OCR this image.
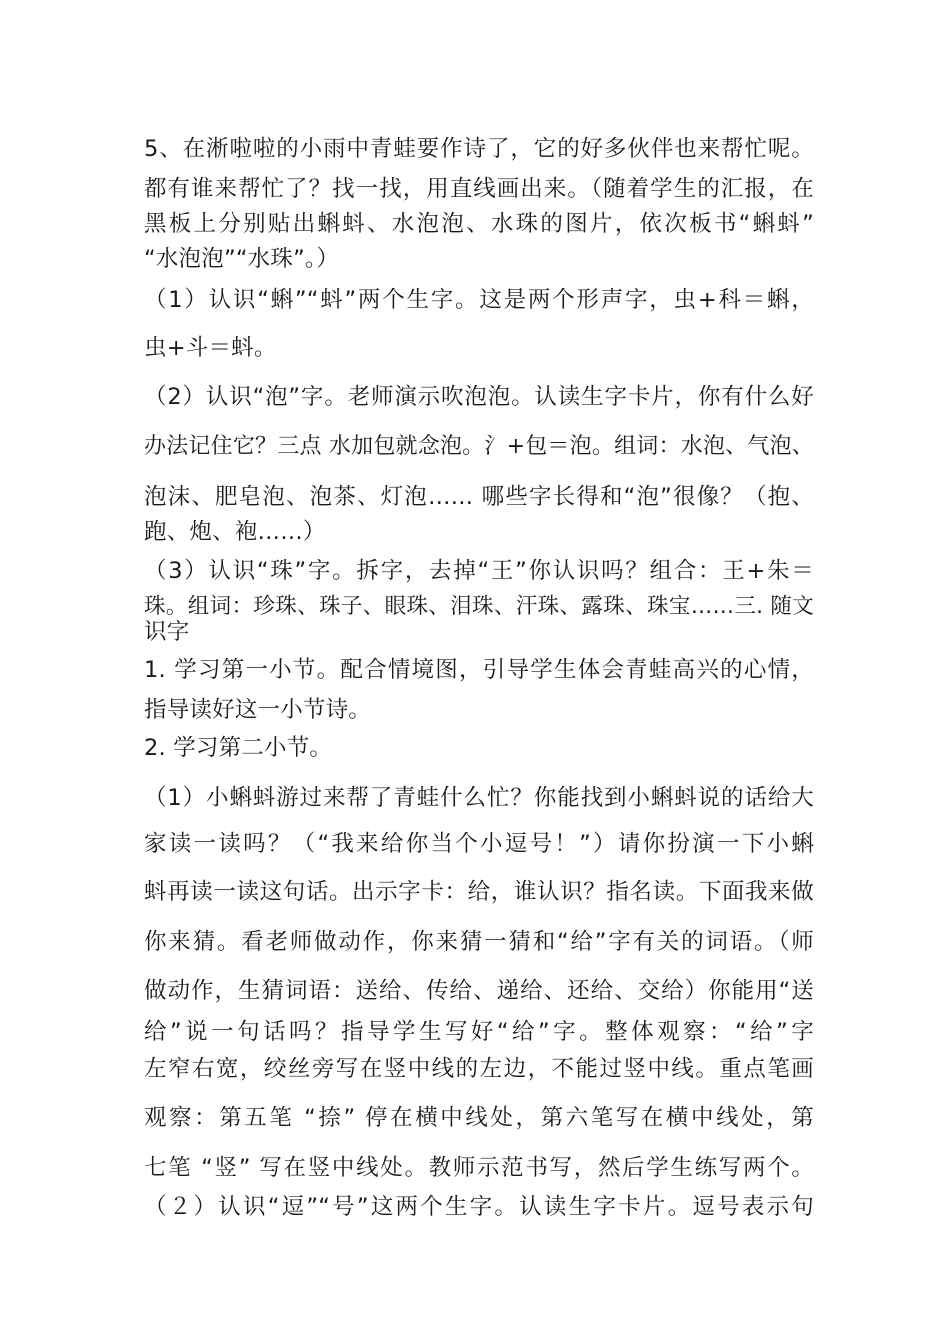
5、在淅啦啦的小雨中青蛙要作诗了，它的好多伙伴也来帮忙呢。
都有谁来帮忙了？找一找，用直线画出来。（随着学生的汇报，在
黑板上分别贴出蝌蚪、水泡泡、水珠的图片，依次板书“蝌蚪”
“水泡泡”“水珠”。）
（1）认识“蝌”“蚪”两个生字。这是两个形声字，虫+科＝蝌，
虫+斗＝蚪。
（2）认识“泡”字。老师演示吹泡泡。认读生字卡片，你有什么好
办法记住它？三点 水加包就念泡。氵+包＝泡。组词：水泡、气泡、
泡沫、肥皂泡、泡茶、灯泡…… 哪些字长得和“泡”很像？（抱、
跑、炮、袍……）
（3）认识“珠”字。拆字，去掉“王”你认识吗？组合：王+朱＝
珠。组词：珍珠、珠子、眼珠、泪珠、汗珠、露珠、珠宝……三. 随文
识字
1. 学习第一小节。配合情境图，引导学生体会青蛙高兴的心情，
指导读好这一小节诗。
2. 学习第二小节。
（1）小蝌蚪游过来帮了青蛙什么忙？你能找到小蝌蚪说的话给大
家读一读吗？（“我来给你当个小逗号！”）请你扮演一下小蝌
蚪再读一读这句话。出示字卡：给，谁认识？指名读。下面我来做
你来猜。看老师做动作，你来猜一猜和“给”字有关的词语。（师
做动作，生猜词语：送给、传给、递给、还给、交给）你能用“送
给”说一句话吗？指导学生写好“给”字。整体观察：“给”字
左窄右宽，绞丝旁写在竖中线的左边，不能过竖中线。重点笔画
观察：第五笔 “捺” 停在横中线处，第六笔写在横中线处，第
七笔 “竖” 写在竖中线处。教师示范书写，然后学生练写两个。
（２）认识“逗”“号”这两个生字。认读生字卡片。逗号表示句
